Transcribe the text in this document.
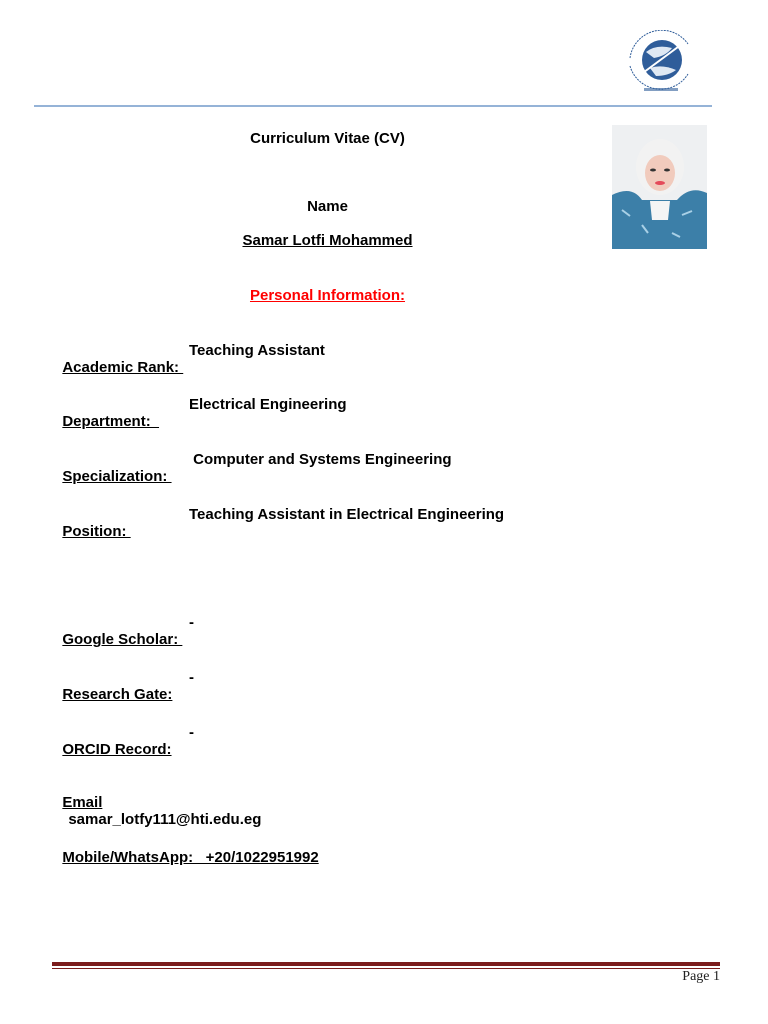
Curriculum Vitae (CV)
Name
Samar Lotfi Mohammed
Personal Information:

Academic Rank:

Teaching Assistant

Department:

Electrical Engineering

Specialization:

Computer and Systems Engineering

Position:

Teaching Assistant in Electrical Engineering

Google Scholar:

-

Research Gate:

-

ORCID Record:

-

Email
samar_lotfy111@hti.edu.eg

Mobile/WhatsApp:   +20/1022951992

Page 1
